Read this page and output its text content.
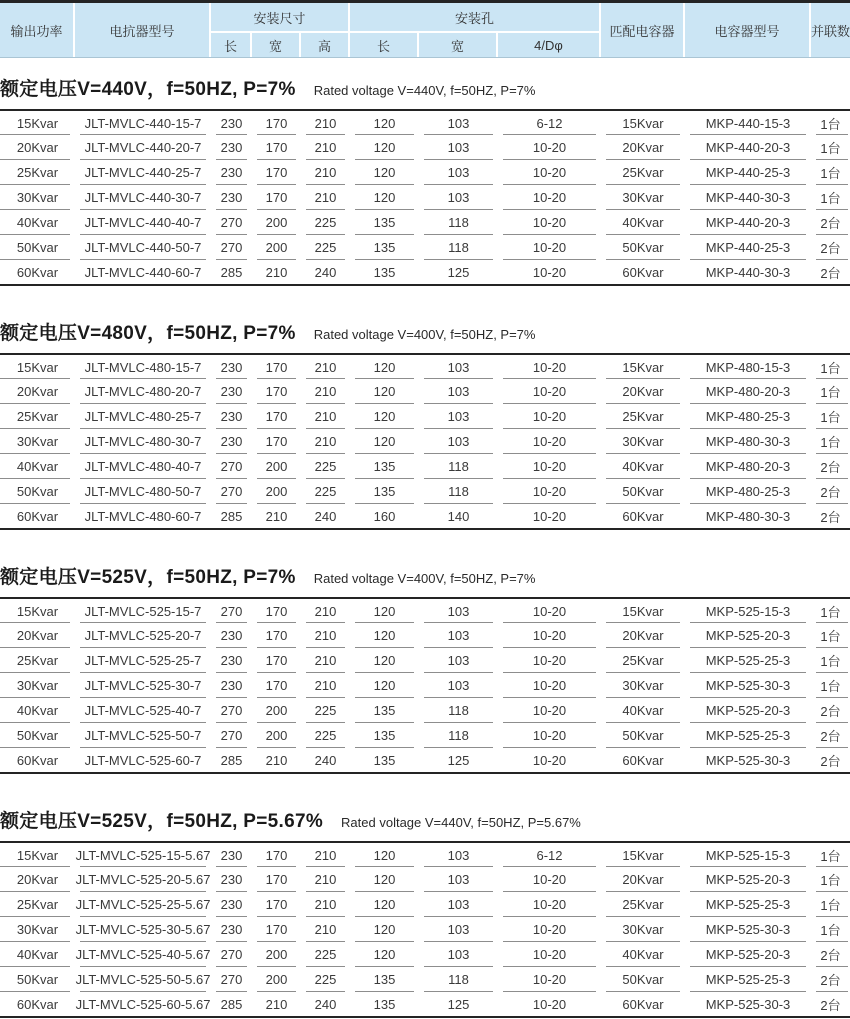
输出功率	电抗器型号	安装尺寸			安装孔			匹配电容器	电容器型号	并联数
		长	宽	高	长	宽	4/Dφ			
额定电压V=440V，f=50HZ, P=7% Rated voltage V=440V, f=50HZ, P=7%
15Kvar	JLT-MVLC-440-15-7	230	170	210	120	103	6-12	15Kvar	MKP-440-15-3	1台
20Kvar	JLT-MVLC-440-20-7	230	170	210	120	103	10-20	20Kvar	MKP-440-20-3	1台
25Kvar	JLT-MVLC-440-25-7	230	170	210	120	103	10-20	25Kvar	MKP-440-25-3	1台
30Kvar	JLT-MVLC-440-30-7	230	170	210	120	103	10-20	30Kvar	MKP-440-30-3	1台
40Kvar	JLT-MVLC-440-40-7	270	200	225	135	118	10-20	40Kvar	MKP-440-20-3	2台
50Kvar	JLT-MVLC-440-50-7	270	200	225	135	118	10-20	50Kvar	MKP-440-25-3	2台
60Kvar	JLT-MVLC-440-60-7	285	210	240	135	125	10-20	60Kvar	MKP-440-30-3	2台
额定电压V=480V，f=50HZ, P=7% Rated voltage V=400V, f=50HZ, P=7%
15Kvar	JLT-MVLC-480-15-7	230	170	210	120	103	10-20	15Kvar	MKP-480-15-3	1台
20Kvar	JLT-MVLC-480-20-7	230	170	210	120	103	10-20	20Kvar	MKP-480-20-3	1台
25Kvar	JLT-MVLC-480-25-7	230	170	210	120	103	10-20	25Kvar	MKP-480-25-3	1台
30Kvar	JLT-MVLC-480-30-7	230	170	210	120	103	10-20	30Kvar	MKP-480-30-3	1台
40Kvar	JLT-MVLC-480-40-7	270	200	225	135	118	10-20	40Kvar	MKP-480-20-3	2台
50Kvar	JLT-MVLC-480-50-7	270	200	225	135	118	10-20	50Kvar	MKP-480-25-3	2台
60Kvar	JLT-MVLC-480-60-7	285	210	240	160	140	10-20	60Kvar	MKP-480-30-3	2台
额定电压V=525V，f=50HZ, P=7% Rated voltage V=400V, f=50HZ, P=7%
15Kvar	JLT-MVLC-525-15-7	270	170	210	120	103	10-20	15Kvar	MKP-525-15-3	1台
20Kvar	JLT-MVLC-525-20-7	230	170	210	120	103	10-20	20Kvar	MKP-525-20-3	1台
25Kvar	JLT-MVLC-525-25-7	230	170	210	120	103	10-20	25Kvar	MKP-525-25-3	1台
30Kvar	JLT-MVLC-525-30-7	230	170	210	120	103	10-20	30Kvar	MKP-525-30-3	1台
40Kvar	JLT-MVLC-525-40-7	270	200	225	135	118	10-20	40Kvar	MKP-525-20-3	2台
50Kvar	JLT-MVLC-525-50-7	270	200	225	135	118	10-20	50Kvar	MKP-525-25-3	2台
60Kvar	JLT-MVLC-525-60-7	285	210	240	135	125	10-20	60Kvar	MKP-525-30-3	2台
额定电压V=525V，f=50HZ, P=5.67% Rated voltage V=440V, f=50HZ, P=5.67%
15Kvar	JLT-MVLC-525-15-5.67	230	170	210	120	103	6-12	15Kvar	MKP-525-15-3	1台
20Kvar	JLT-MVLC-525-20-5.67	230	170	210	120	103	10-20	20Kvar	MKP-525-20-3	1台
25Kvar	JLT-MVLC-525-25-5.67	230	170	210	120	103	10-20	25Kvar	MKP-525-25-3	1台
30Kvar	JLT-MVLC-525-30-5.67	230	170	210	120	103	10-20	30Kvar	MKP-525-30-3	1台
40Kvar	JLT-MVLC-525-40-5.67	270	200	225	120	103	10-20	40Kvar	MKP-525-20-3	2台
50Kvar	JLT-MVLC-525-50-5.67	270	200	225	135	118	10-20	50Kvar	MKP-525-25-3	2台
60Kvar	JLT-MVLC-525-60-5.67	285	210	240	135	125	10-20	60Kvar	MKP-525-30-3	2台
